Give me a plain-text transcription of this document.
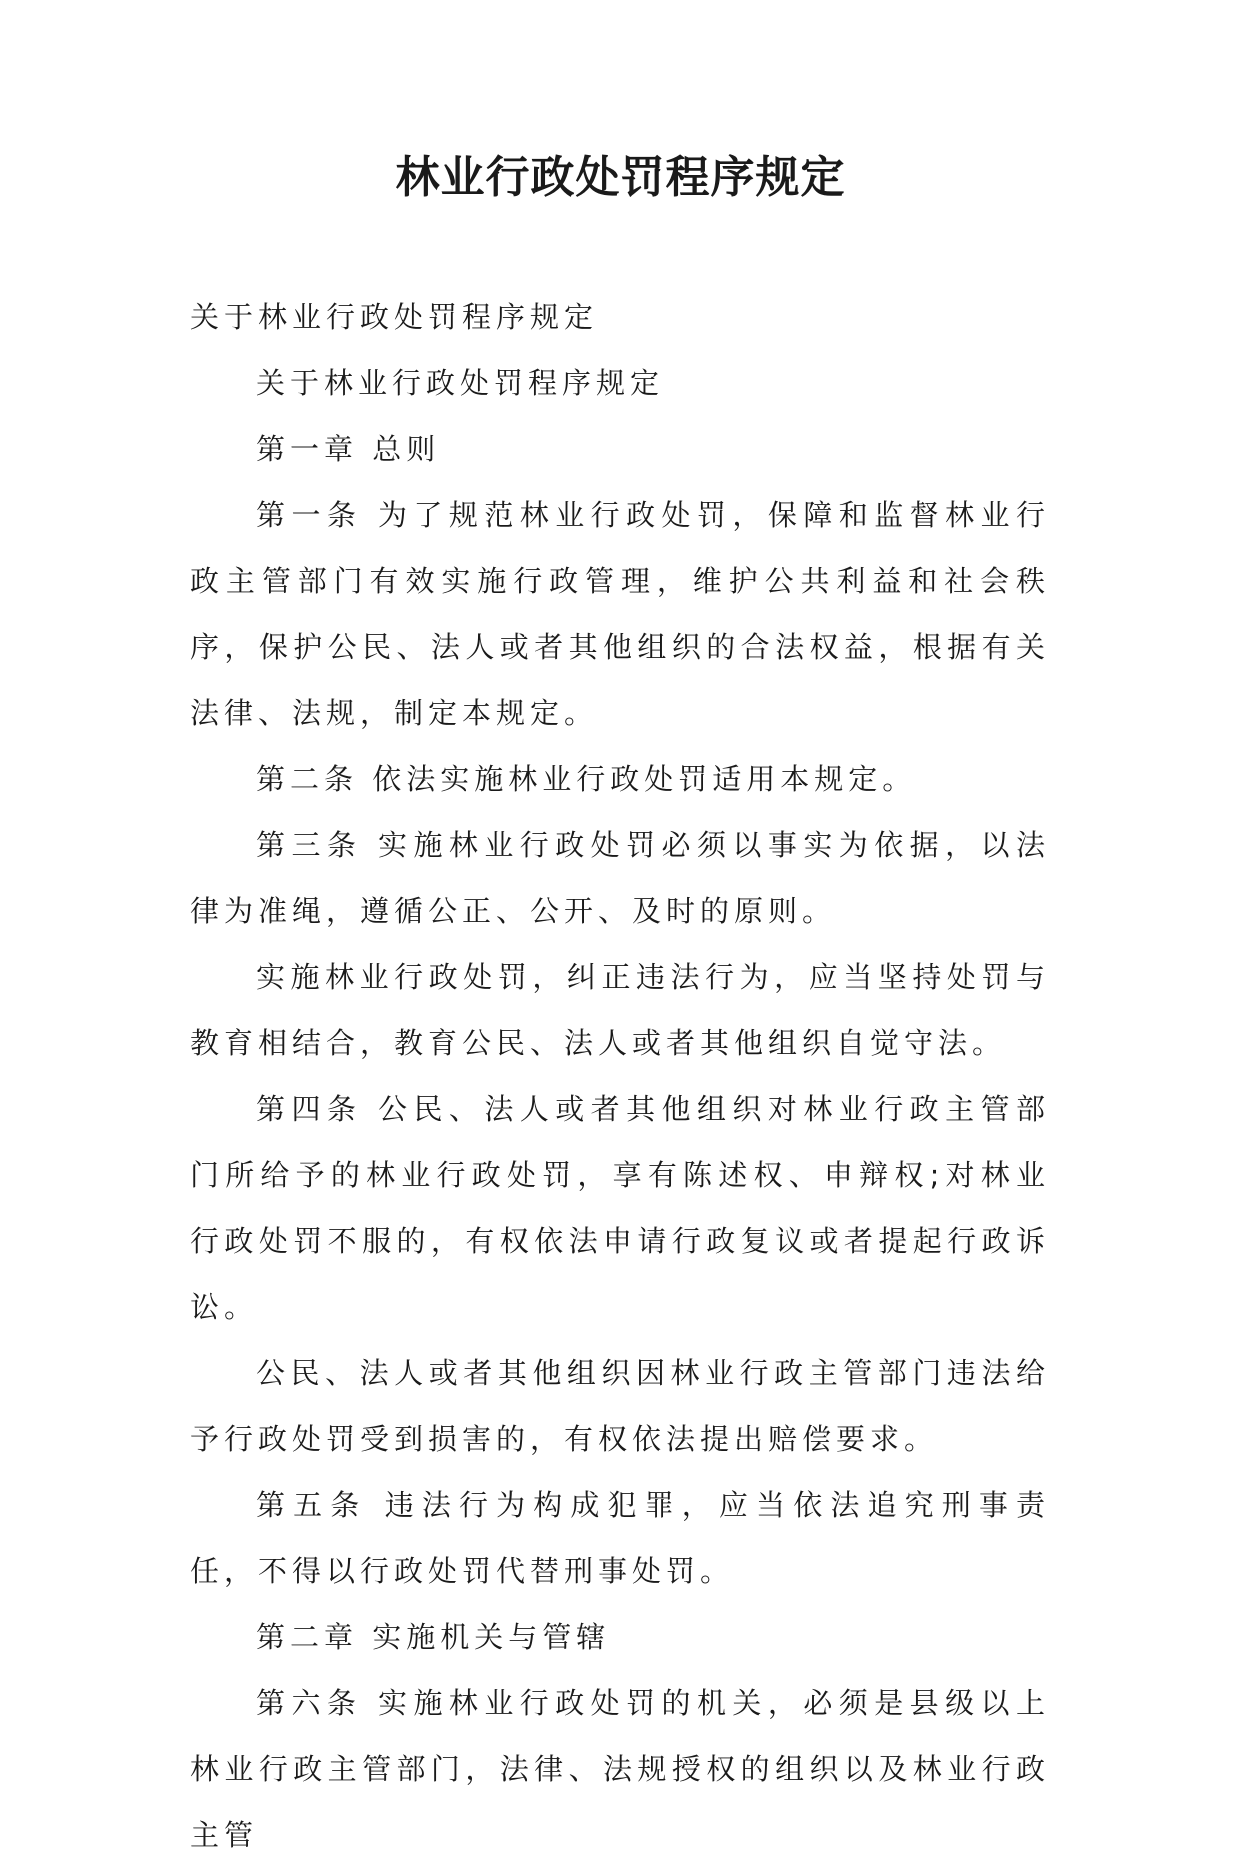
林业行政处罚程序规定

关于林业行政处罚程序规定

关于林业行政处罚程序规定

第一章 总则

第一条 为了规范林业行政处罚，保障和监督林业行政主管部门有效实施行政管理，维护公共利益和社会秩序，保护公民、法人或者其他组织的合法权益，根据有关法律、法规，制定本规定。

第二条 依法实施林业行政处罚适用本规定。

第三条 实施林业行政处罚必须以事实为依据，以法律为准绳，遵循公正、公开、及时的原则。

实施林业行政处罚，纠正违法行为，应当坚持处罚与教育相结合，教育公民、法人或者其他组织自觉守法。

第四条 公民、法人或者其他组织对林业行政主管部门所给予的林业行政处罚，享有陈述权、申辩权;对林业行政处罚不服的，有权依法申请行政复议或者提起行政诉讼。

公民、法人或者其他组织因林业行政主管部门违法给予行政处罚受到损害的，有权依法提出赔偿要求。

第五条 违法行为构成犯罪，应当依法追究刑事责任，不得以行政处罚代替刑事处罚。

第二章 实施机关与管辖

第六条 实施林业行政处罚的机关，必须是县级以上林业行政主管部门，法律、法规授权的组织以及林业行政主管
